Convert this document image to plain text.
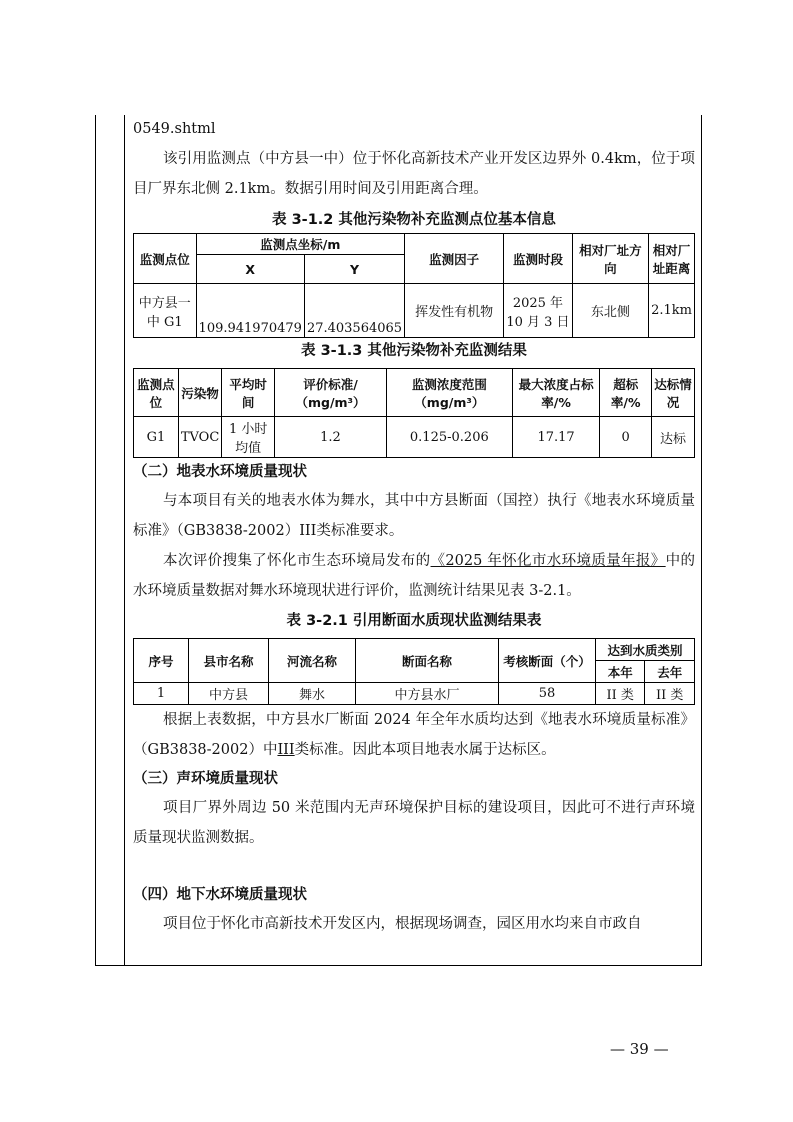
0549.shtml

该引用监测点（中方县一中）位于怀化高新技术产业开发区边界外 0.4km，位于项目厂界东北侧 2.1km。数据引用时间及引用距离合理。

表 3-1.2 其他污染物补充监测点位基本信息

监测点位	监测点坐标/m		监测因子	监测时段	相对厂址方向	相对厂址距离
	X	Y				
中方县一中 G1	109.941970479	27.403564065	挥发性有机物	2025 年 10 月 3 日	东北侧	2.1km

表 3-1.3 其他污染物补充监测结果

监测点位	污染物	平均时间	评价标准/（mg/m³）	监测浓度范围（mg/m³）	最大浓度占标率/%	超标率/%	达标情况
G1	TVOC	1 小时均值	1.2	0.125-0.206	17.17	0	达标

（二）地表水环境质量现状

与本项目有关的地表水体为舞水，其中中方县断面（国控）执行《地表水环境质量标准》（GB3838-2002）III类标准要求。

本次评价搜集了怀化市生态环境局发布的《2025 年怀化市水环境质量年报》中的水环境质量数据对舞水环境现状进行评价，监测统计结果见表 3-2.1。

表 3-2.1 引用断面水质现状监测结果表

序号	县市名称	河流名称	断面名称	考核断面（个）	达到水质类别	
					本年	去年
1	中方县	舞水	中方县水厂	58	II 类	II 类

根据上表数据，中方县水厂断面 2024 年全年水质均达到《地表水环境质量标准》（GB3838-2002）中III类标准。因此本项目地表水属于达标区。

（三）声环境质量现状

项目厂界外周边 50 米范围内无声环境保护目标的建设项目，因此可不进行声环境质量现状监测数据。

（四）地下水环境质量现状

项目位于怀化市高新技术开发区内，根据现场调查，园区用水均来自市政自

— 39 —
